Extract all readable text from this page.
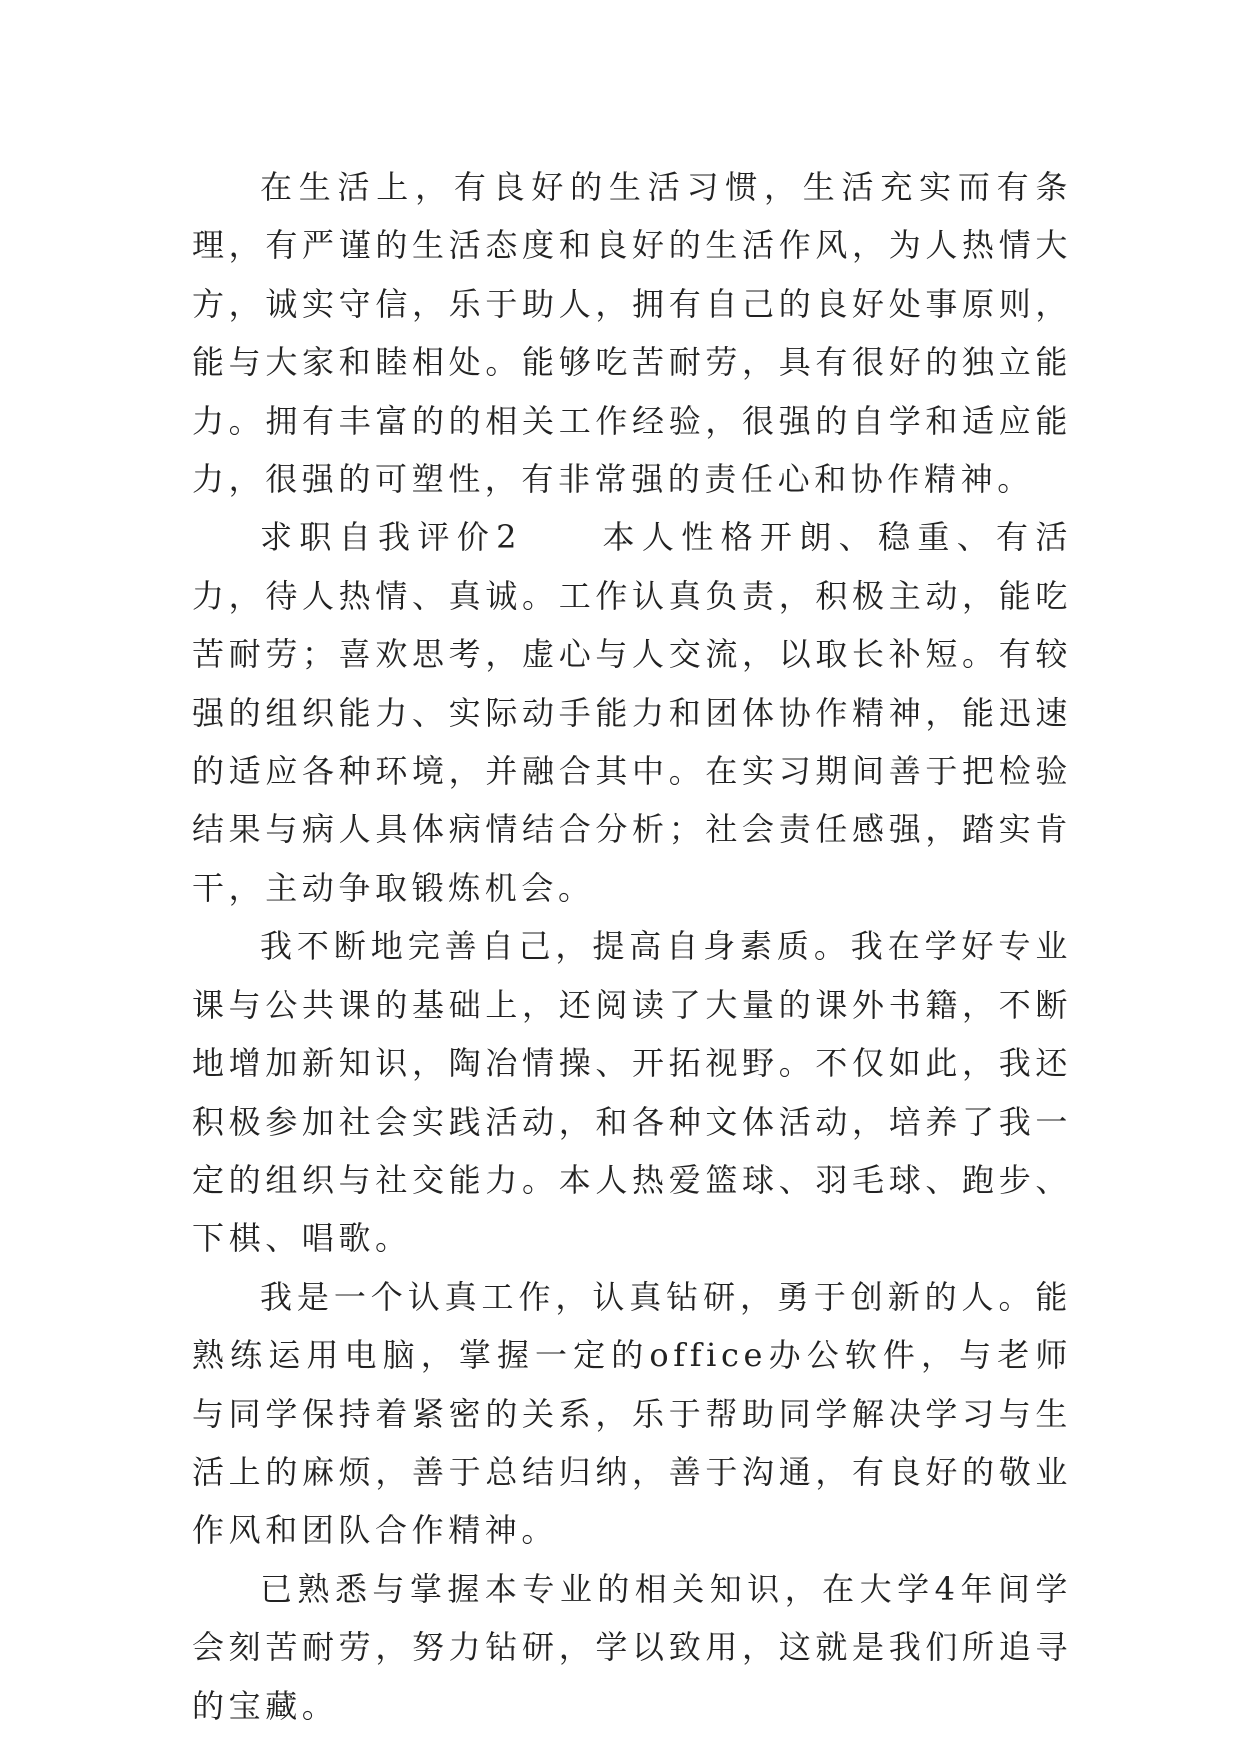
在生活上，有良好的生活习惯，生活充实而有条理，有严谨的生活态度和良好的生活作风，为人热情大方，诚实守信，乐于助人，拥有自己的良好处事原则，能与大家和睦相处。能够吃苦耐劳，具有很好的独立能力。拥有丰富的的相关工作经验，很强的自学和适应能力，很强的可塑性，有非常强的责任心和协作精神。

求职自我评价2　　本人性格开朗、稳重、有活力，待人热情、真诚。工作认真负责，积极主动，能吃苦耐劳；喜欢思考，虚心与人交流，以取长补短。有较强的组织能力、实际动手能力和团体协作精神，能迅速的适应各种环境，并融合其中。在实习期间善于把检验结果与病人具体病情结合分析；社会责任感强，踏实肯干，主动争取锻炼机会。

我不断地完善自己，提高自身素质。我在学好专业课与公共课的基础上，还阅读了大量的课外书籍，不断地增加新知识，陶冶情操、开拓视野。不仅如此，我还积极参加社会实践活动，和各种文体活动，培养了我一定的组织与社交能力。本人热爱篮球、羽毛球、跑步、下棋、唱歌。

我是一个认真工作，认真钻研，勇于创新的人。能熟练运用电脑，掌握一定的office办公软件，与老师与同学保持着紧密的关系，乐于帮助同学解决学习与生活上的麻烦，善于总结归纳，善于沟通，有良好的敬业作风和团队合作精神。

已熟悉与掌握本专业的相关知识，在大学4年间学会刻苦耐劳，努力钻研，学以致用，这就是我们所追寻的宝藏。
